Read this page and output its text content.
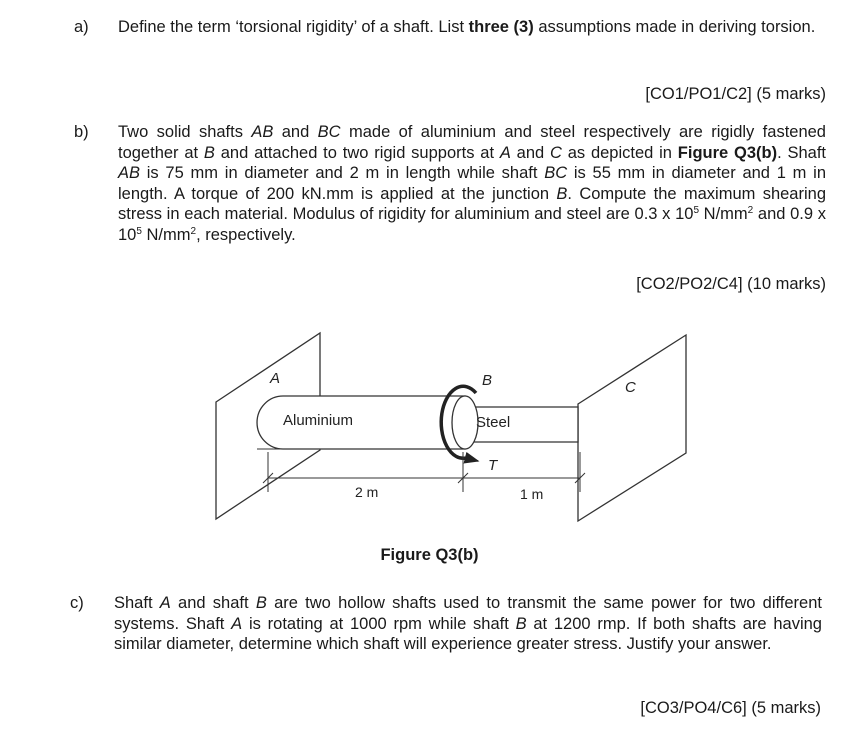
a) Define the term ‘torsional rigidity’ of a shaft. List three (3) assumptions made in deriving torsion.
[CO1/PO1/C2] (5 marks)
b) Two solid shafts AB and BC made of aluminium and steel respectively are rigidly fastened together at B and attached to two rigid supports at A and C as depicted in Figure Q3(b). Shaft AB is 75 mm in diameter and 2 m in length while shaft BC is 55 mm in diameter and 1 m in length. A torque of 200 kN.mm is applied at the junction B. Compute the maximum shearing stress in each material. Modulus of rigidity for aluminium and steel are 0.3 x $10^5$ $N/mm^2$ and 0.9 x $10^5$ $N/mm^2$, respectively.
[CO2/PO2/C4] (10 marks)
A	B	C
Aluminium	Steel
T
2 m	1 m
Figure Q3(b)
c) Shaft A and shaft B are two hollow shafts used to transmit the same power for two different systems. Shaft A is rotating at 1000 rpm while shaft B at 1200 rmp. If both shafts are having similar diameter, determine which shaft will experience greater stress. Justify your answer.
[CO3/PO4/C6] (5 marks)
